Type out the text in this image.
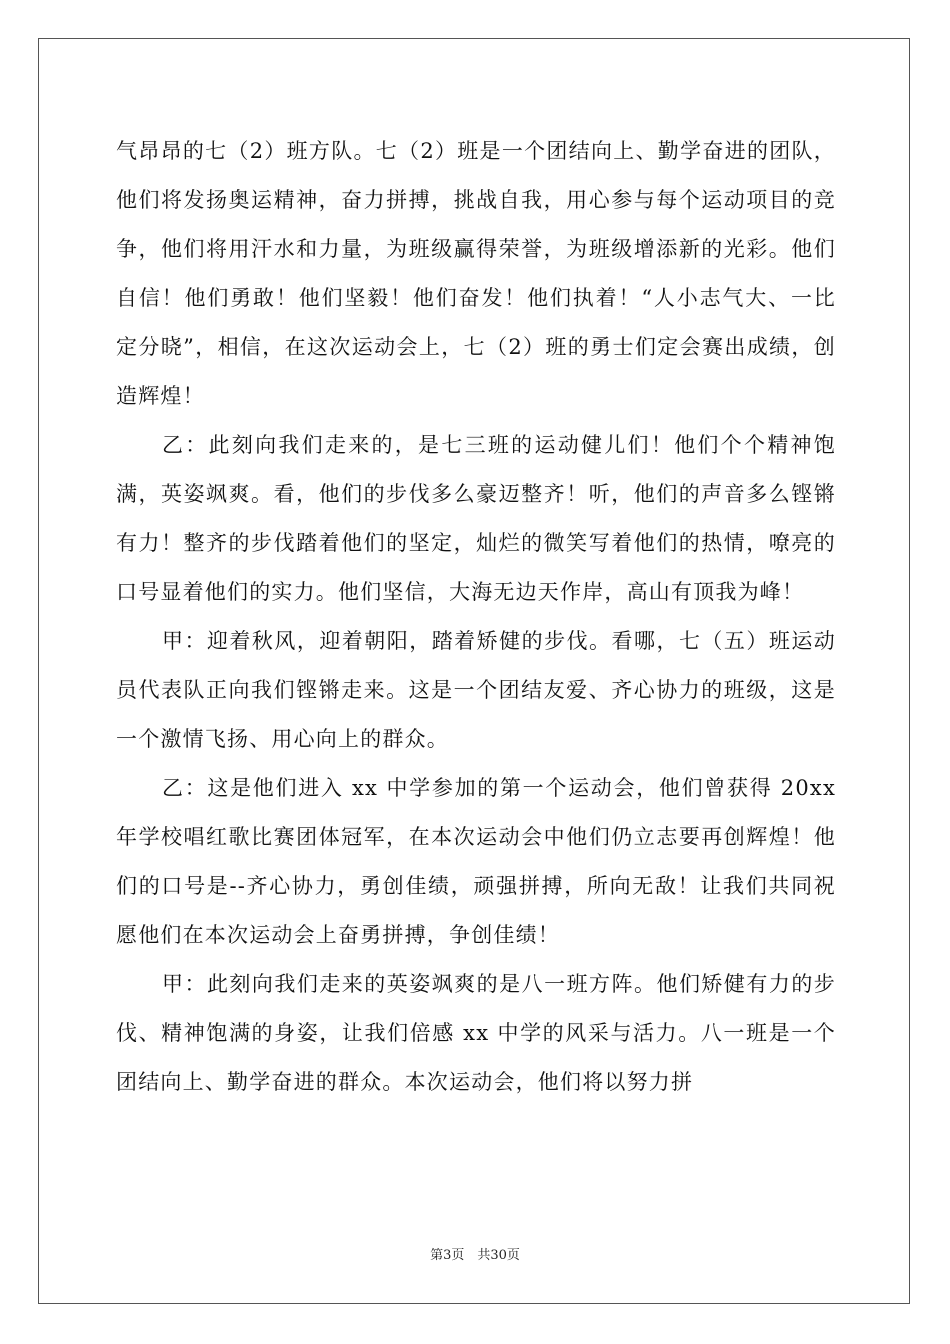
气昂昂的七（2）班方队。七（2）班是一个团结向上、勤学奋进的团队，他们将发扬奥运精神，奋力拼搏，挑战自我，用心参与每个运动项目的竞争，他们将用汗水和力量，为班级赢得荣誉，为班级增添新的光彩。他们自信！他们勇敢！他们坚毅！他们奋发！他们执着！“人小志气大、一比定分晓”，相信，在这次运动会上，七（2）班的勇士们定会赛出成绩，创造辉煌！

乙：此刻向我们走来的，是七三班的运动健儿们！他们个个精神饱满，英姿飒爽。看，他们的步伐多么豪迈整齐！听，他们的声音多么铿锵有力！整齐的步伐踏着他们的坚定，灿烂的微笑写着他们的热情，嘹亮的口号显着他们的实力。他们坚信，大海无边天作岸，高山有顶我为峰！

甲：迎着秋风，迎着朝阳，踏着矫健的步伐。看哪，七（五）班运动员代表队正向我们铿锵走来。这是一个团结友爱、齐心协力的班级，这是一个激情飞扬、用心向上的群众。

乙：这是他们进入 xx 中学参加的第一个运动会，他们曾获得 20xx 年学校唱红歌比赛团体冠军，在本次运动会中他们仍立志要再创辉煌！他们的口号是--齐心协力，勇创佳绩，顽强拼搏，所向无敌！让我们共同祝愿他们在本次运动会上奋勇拼搏，争创佳绩！

甲：此刻向我们走来的英姿飒爽的是八一班方阵。他们矫健有力的步伐、精神饱满的身姿，让我们倍感 xx 中学的风采与活力。八一班是一个团结向上、勤学奋进的群众。本次运动会，他们将以努力拼

第3页　共30页
